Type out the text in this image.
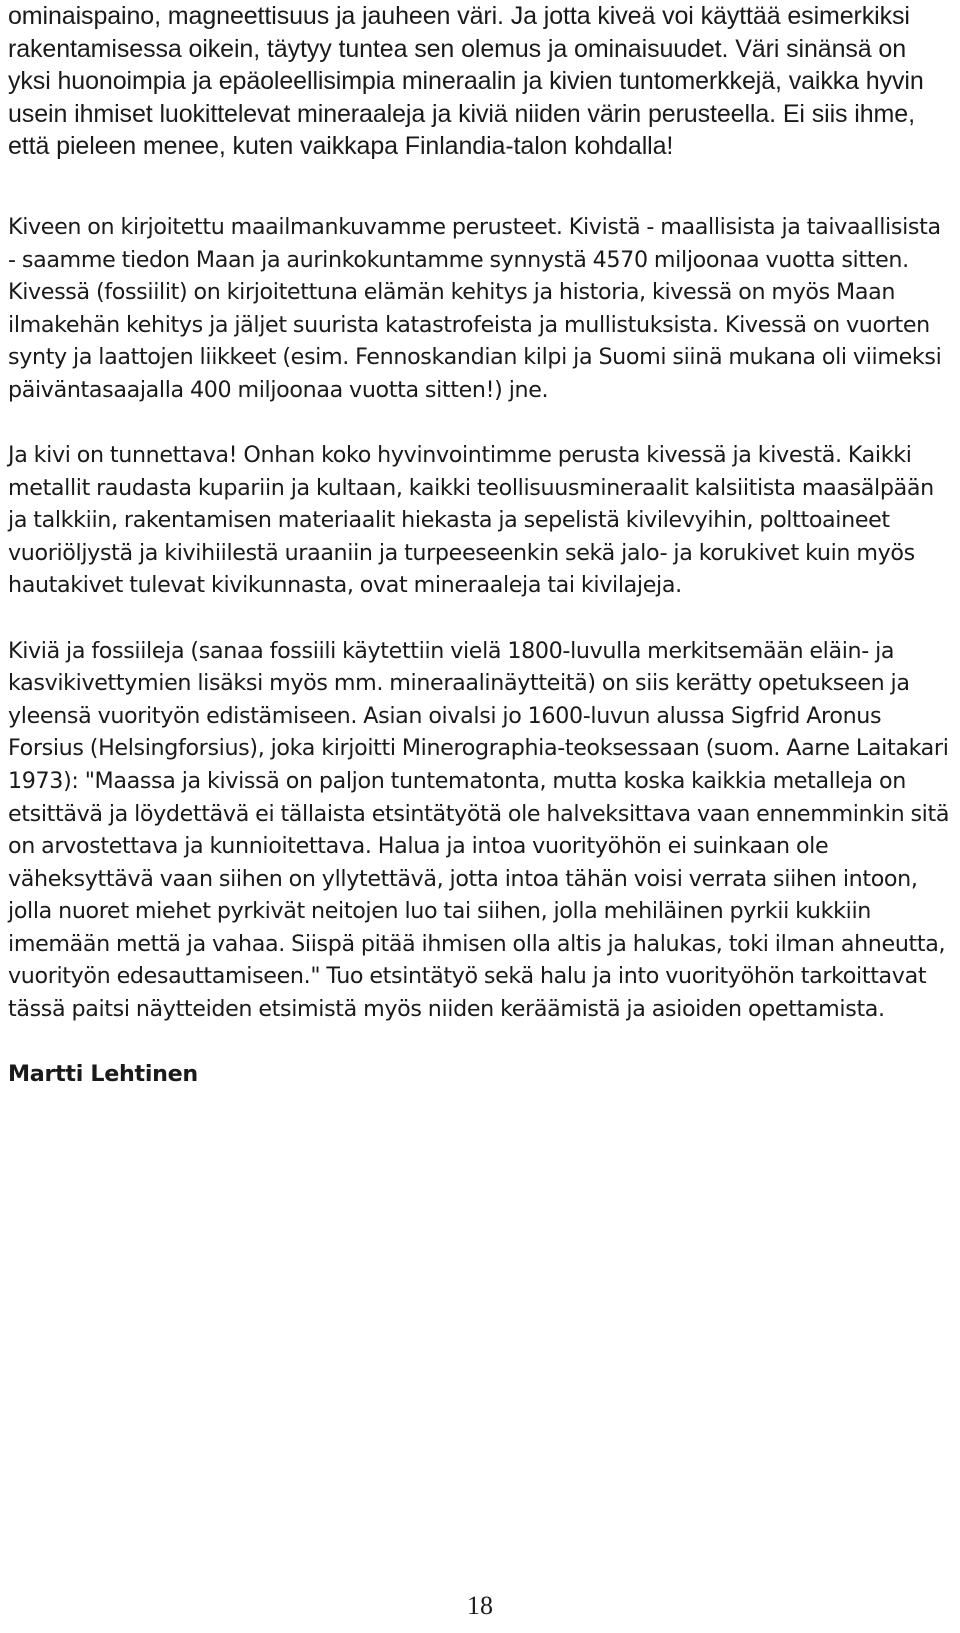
ominaispaino, magneettisuus ja jauheen väri. Ja jotta kiveä voi käyttää esimerkiksi rakentamisessa oikein, täytyy tuntea sen olemus ja ominaisuudet. Väri sinänsä on yksi huonoimpia ja epäoleellisimpia mineraalin ja kivien tuntomerkkejä, vaikka hyvin usein ihmiset luokittelevat mineraaleja ja kiviä niiden värin perusteella. Ei siis ihme, että pieleen menee, kuten vaikkapa Finlandia-talon kohdalla!

Kiveen on kirjoitettu maailmankuvamme perusteet. Kivistä - maallisista ja taivaallisista - saamme tiedon Maan ja aurinkokuntamme synnystä 4570 miljoonaa vuotta sitten. Kivessä (fossiilit) on kirjoitettuna elämän kehitys ja historia, kivessä on myös Maan ilmakehän kehitys ja jäljet suurista katastrofeista ja mullistuksista. Kivessä on vuorten synty ja laattojen liikkeet (esim. Fennoskandian kilpi ja Suomi siinä mukana oli viimeksi päiväntasaajalla 400 miljoonaa vuotta sitten!) jne.

Ja kivi on tunnettava! Onhan koko hyvinvointimme perusta kivessä ja kivestä. Kaikki metallit raudasta kupariin ja kultaan, kaikki teollisuusmineraalit kalsiitista maasälpään ja talkkiin, rakentamisen materiaalit hiekasta ja sepelistä kivilevyihin, polttoaineet vuoriöljystä ja kivihiilestä uraaniin ja turpeeseenkin sekä jalo- ja korukivet kuin myös hautakivet tulevat kivikunnasta, ovat mineraaleja tai kivilajeja.

Kiviä ja fossiileja (sanaa fossiili käytettiin vielä 1800-luvulla merkitsemään eläin- ja kasvikivettymien lisäksi myös mm. mineraalinäytteitä) on siis kerätty opetukseen ja yleensä vuorityön edistämiseen. Asian oivalsi jo 1600-luvun alussa Sigfrid Aronus Forsius (Helsingforsius), joka kirjoitti Minerographia-teoksessaan (suom. Aarne Laitakari 1973): "Maassa ja kivissä on paljon tuntematonta, mutta koska kaikkia metalleja on etsittävä ja löydettävä ei tällaista etsintätyötä ole halveksittava vaan ennemminkin sitä on arvostettava ja kunnioitettava. Halua ja intoa vuorityöhön ei suinkaan ole väheksyttävä vaan siihen on yllytettävä, jotta intoa tähän voisi verrata siihen intoon, jolla nuoret miehet pyrkivät neitojen luo tai siihen, jolla mehiläinen pyrkii kukkiin imemään mettä ja vahaa. Siispä pitää ihmisen olla altis ja halukas, toki ilman ahneutta, vuorityön edesauttamiseen." Tuo etsintätyö sekä halu ja into vuorityöhön tarkoittavat tässä paitsi näytteiden etsimistä myös niiden keräämistä ja asioiden opettamista.

Martti Lehtinen

18
